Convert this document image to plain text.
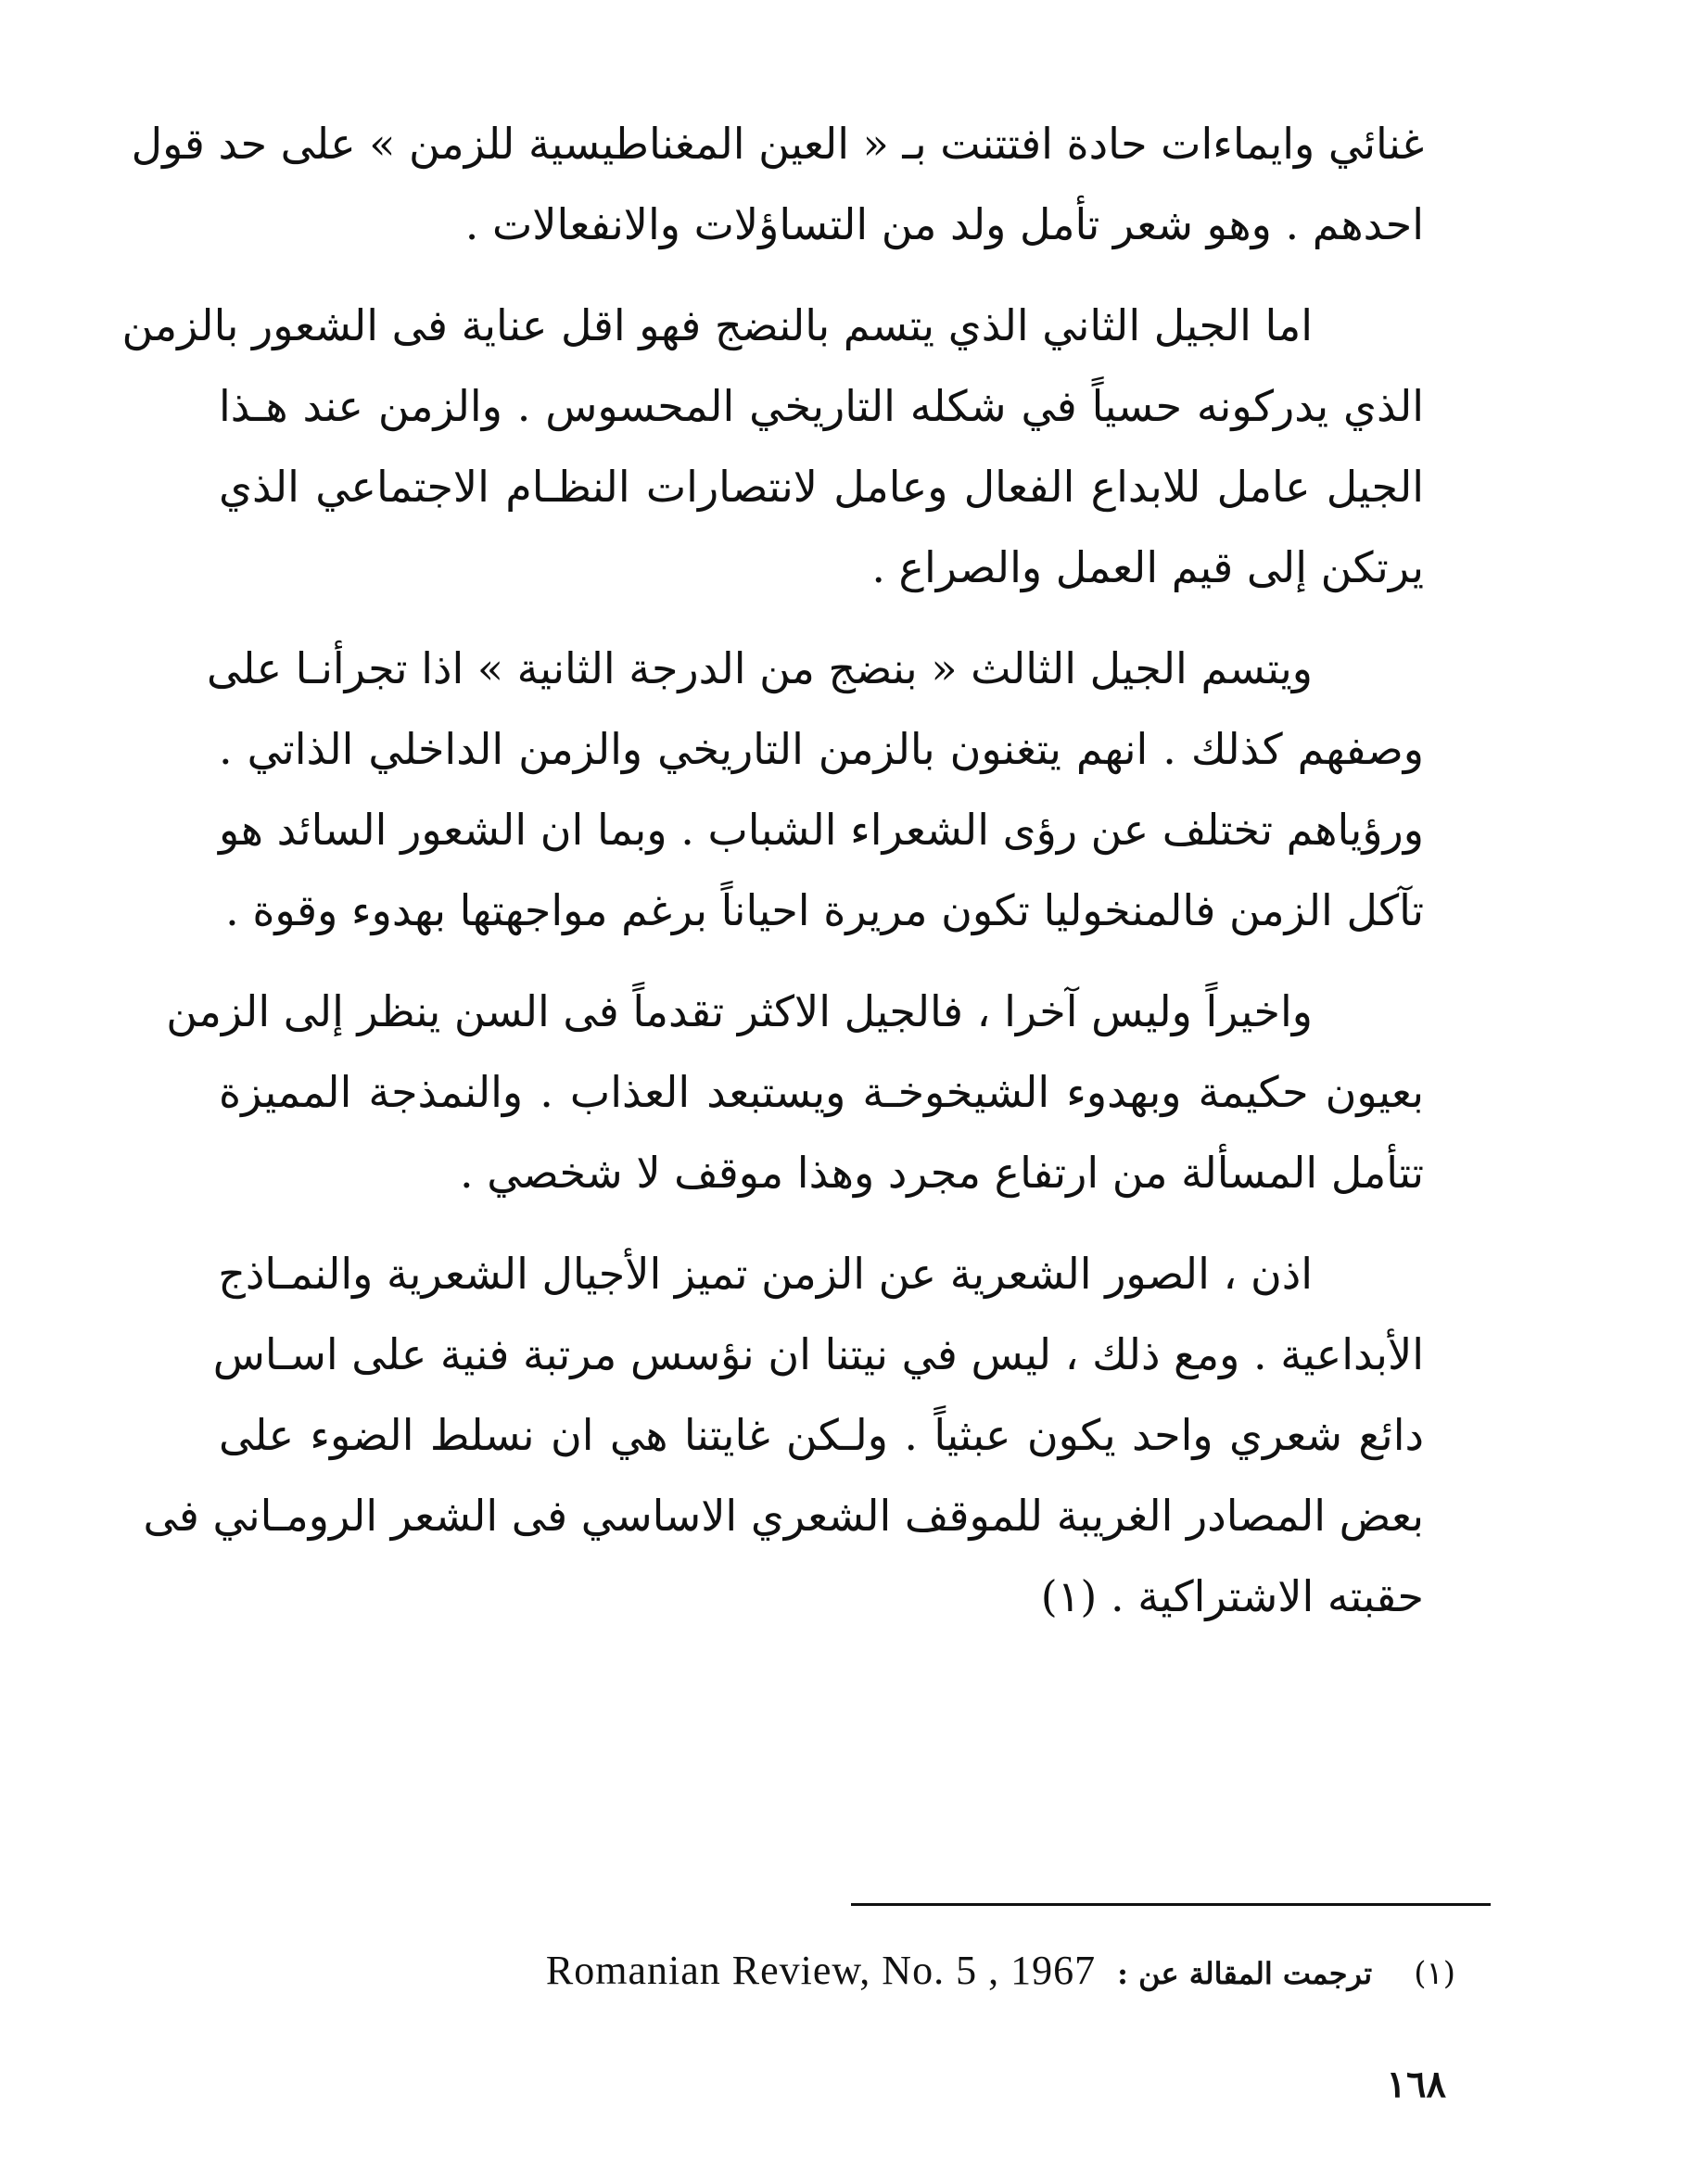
غنائي وايماءات حادة افتتنت بـ « العين المغناطيسية للزمن » على حد قول
احدهم . وهو شعر تأمل ولد من التساؤلات والانفعالات .

اما الجيل الثاني الذي يتسم بالنضج فهو اقل عناية فى الشعور بالزمن
الذي يدركونه حسياً في شكله التاريخي المحسوس . والزمن عند هـذا
الجيل عامل للابداع الفعال وعامل لانتصارات النظـام الاجتماعي الذي
يرتكن إلى قيم العمل والصراع .

ويتسم الجيل الثالث « بنضج من الدرجة الثانية » اذا تجرأنـا على
وصفهم كذلك . انهم يتغنون بالزمن التاريخي والزمن الداخلي الذاتي .
ورؤياهم تختلف عن رؤى الشعراء الشباب . وبما ان الشعور السائد هو
تآكل الزمن فالمنخوليا تكون مريرة احياناً برغم مواجهتها بهدوء وقوة .

واخيراً وليس آخرا ، فالجيل الاكثر تقدماً فى السن ينظر إلى الزمن
بعيون حكيمة وبهدوء الشيخوخـة ويستبعد العذاب . والنمذجة المميزة
تتأمل المسألة من ارتفاع مجرد وهذا موقف لا شخصي .

اذن ، الصور الشعرية عن الزمن تميز الأجيال الشعرية والنمـاذج
الأبداعية . ومع ذلك ، ليس في نيتنا ان نؤسس مرتبة فنية على اسـاس
دائع شعري واحد يكون عبثياً . ولـكن غايتنا هي ان نسلط الضوء على
بعض المصادر الغريبة للموقف الشعري الاساسي فى الشعر الرومـاني فى
حقبته الاشتراكية . (١)

(١) ترجمت المقالة عن : Romanian Review, No. 5 , 1967
١٦٨
